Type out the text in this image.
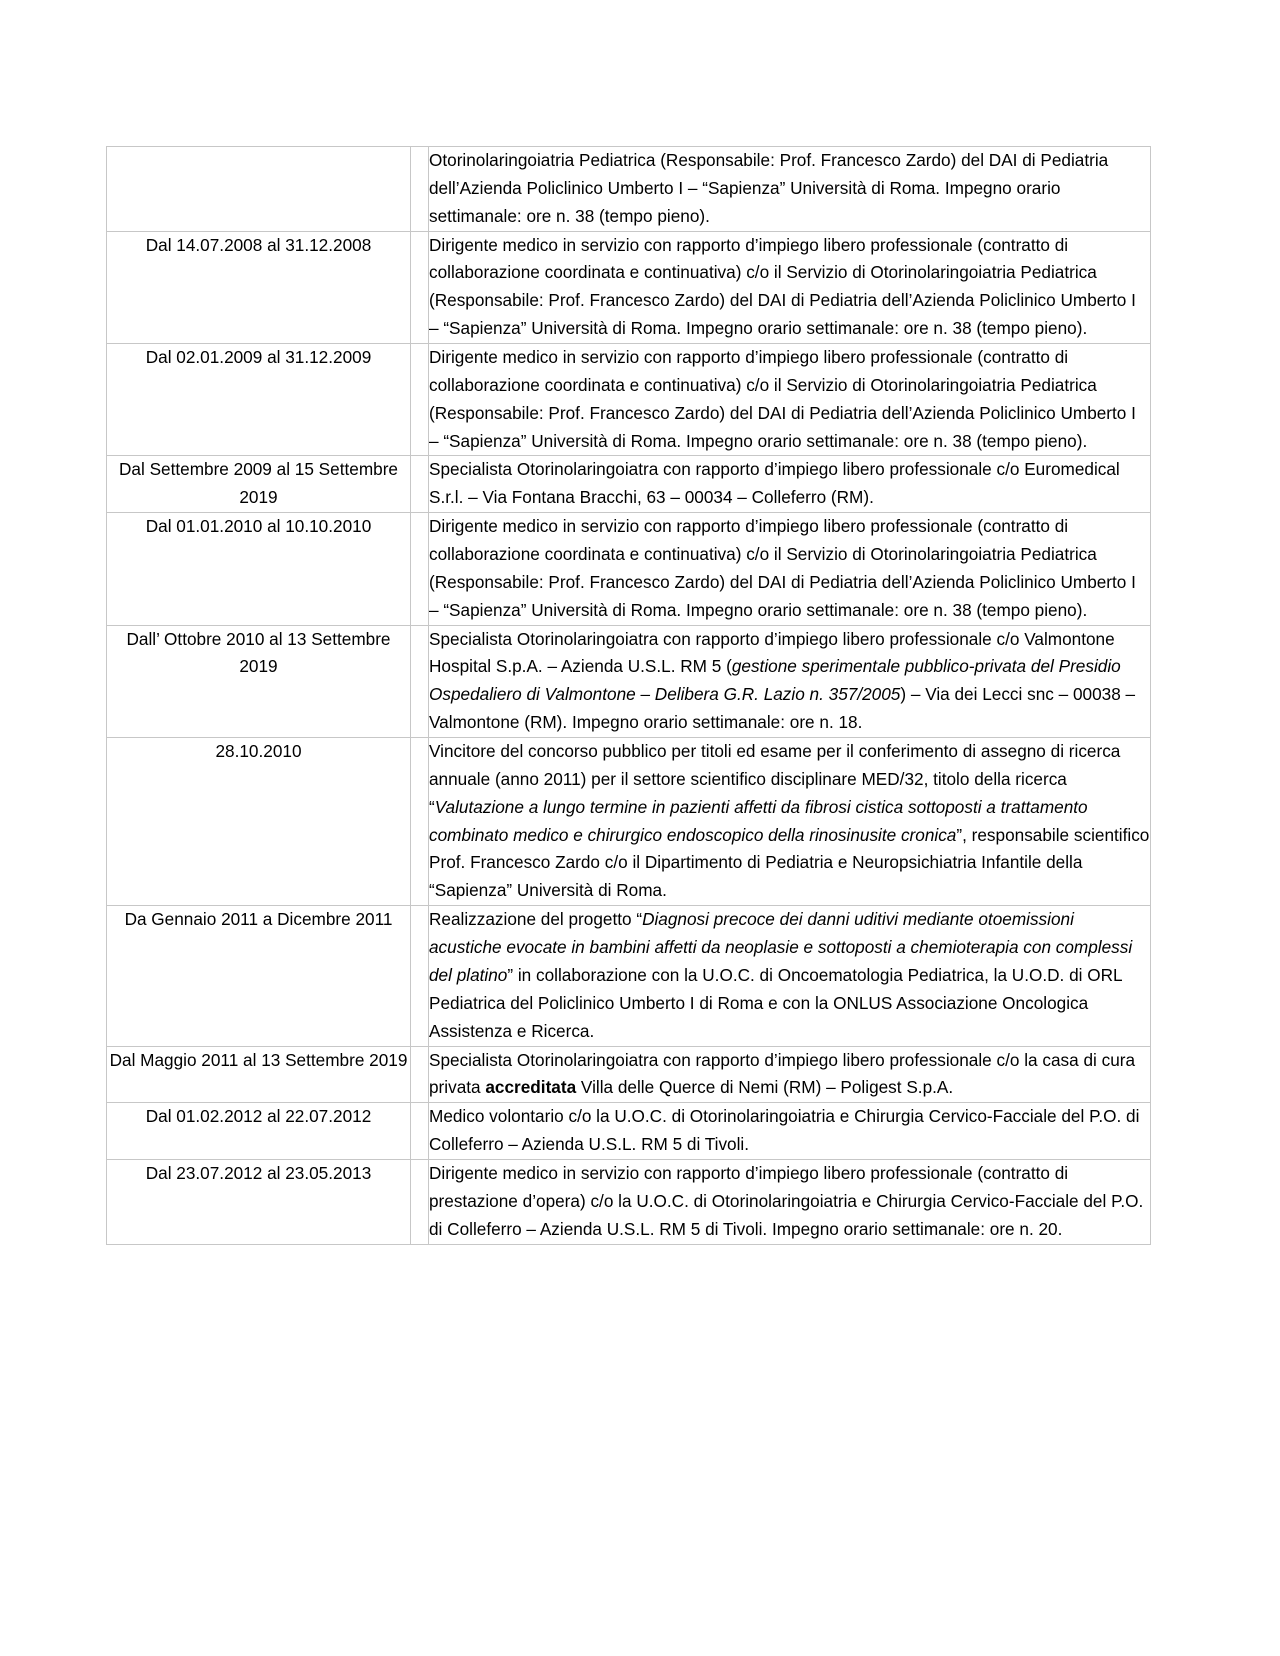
		Otorinolaringoiatria Pediatrica (Responsabile: Prof. Francesco Zardo) del DAI di Pediatria dell’Azienda Policlinico Umberto I – “Sapienza” Università di Roma. Impegno orario settimanale: ore n. 38 (tempo pieno).

Dal 14.07.2008 al 31.12.2008		Dirigente medico in servizio con rapporto d’impiego libero professionale (contratto di collaborazione coordinata e continuativa) c/o il Servizio di Otorinolaringoiatria Pediatrica (Responsabile: Prof. Francesco Zardo) del DAI di Pediatria dell’Azienda Policlinico Umberto I – “Sapienza” Università di Roma. Impegno orario settimanale: ore n. 38 (tempo pieno).

Dal 02.01.2009 al 31.12.2009		Dirigente medico in servizio con rapporto d’impiego libero professionale (contratto di collaborazione coordinata e continuativa) c/o il Servizio di Otorinolaringoiatria Pediatrica (Responsabile: Prof. Francesco Zardo) del DAI di Pediatria dell’Azienda Policlinico Umberto I – “Sapienza” Università di Roma. Impegno orario settimanale: ore n. 38 (tempo pieno).

Dal Settembre 2009 al 15 Settembre 2019		Specialista Otorinolaringoiatra con rapporto d’impiego libero professionale c/o Euromedical S.r.l. – Via Fontana Bracchi, 63 – 00034 – Colleferro (RM).

Dal 01.01.2010 al 10.10.2010		Dirigente medico in servizio con rapporto d’impiego libero professionale (contratto di collaborazione coordinata e continuativa) c/o il Servizio di Otorinolaringoiatria Pediatrica (Responsabile: Prof. Francesco Zardo) del DAI di Pediatria dell’Azienda Policlinico Umberto I – “Sapienza” Università di Roma. Impegno orario settimanale: ore n. 38 (tempo pieno).

Dall’ Ottobre 2010 al 13 Settembre 2019		Specialista Otorinolaringoiatra con rapporto d’impiego libero professionale c/o Valmontone Hospital S.p.A. – Azienda U.S.L. RM 5 (gestione sperimentale pubblico-privata del Presidio Ospedaliero di Valmontone – Delibera G.R. Lazio n. 357/2005) – Via dei Lecci snc – 00038 – Valmontone (RM). Impegno orario settimanale: ore n. 18.

28.10.2010		Vincitore del concorso pubblico per titoli ed esame per il conferimento di assegno di ricerca annuale (anno 2011) per il settore scientifico disciplinare MED/32, titolo della ricerca “Valutazione a lungo termine in pazienti affetti da fibrosi cistica sottoposti a trattamento combinato medico e chirurgico endoscopico della rinosinusite cronica”, responsabile scientifico Prof. Francesco Zardo c/o il Dipartimento di Pediatria e Neuropsichiatria Infantile della “Sapienza” Università di Roma.

Da Gennaio 2011 a Dicembre 2011		Realizzazione del progetto “Diagnosi precoce dei danni uditivi mediante otoemissioni acustiche evocate in bambini affetti da neoplasie e sottoposti a chemioterapia con complessi del platino” in collaborazione con la U.O.C. di Oncoematologia Pediatrica, la U.O.D. di ORL Pediatrica del Policlinico Umberto I di Roma e con la ONLUS Associazione Oncologica Assistenza e Ricerca.

Dal Maggio 2011 al 13 Settembre 2019		Specialista Otorinolaringoiatra con rapporto d’impiego libero professionale c/o la casa di cura privata accreditata Villa delle Querce di Nemi (RM) – Poligest S.p.A.

Dal 01.02.2012 al 22.07.2012		Medico volontario c/o la U.O.C. di Otorinolaringoiatria e Chirurgia Cervico-Facciale del P.O. di Colleferro – Azienda U.S.L. RM 5 di Tivoli.

Dal 23.07.2012 al 23.05.2013		Dirigente medico in servizio con rapporto d’impiego libero professionale (contratto di prestazione d’opera) c/o la U.O.C. di Otorinolaringoiatria e Chirurgia Cervico-Facciale del P.O. di Colleferro – Azienda U.S.L. RM 5 di Tivoli. Impegno orario settimanale: ore n. 20.
